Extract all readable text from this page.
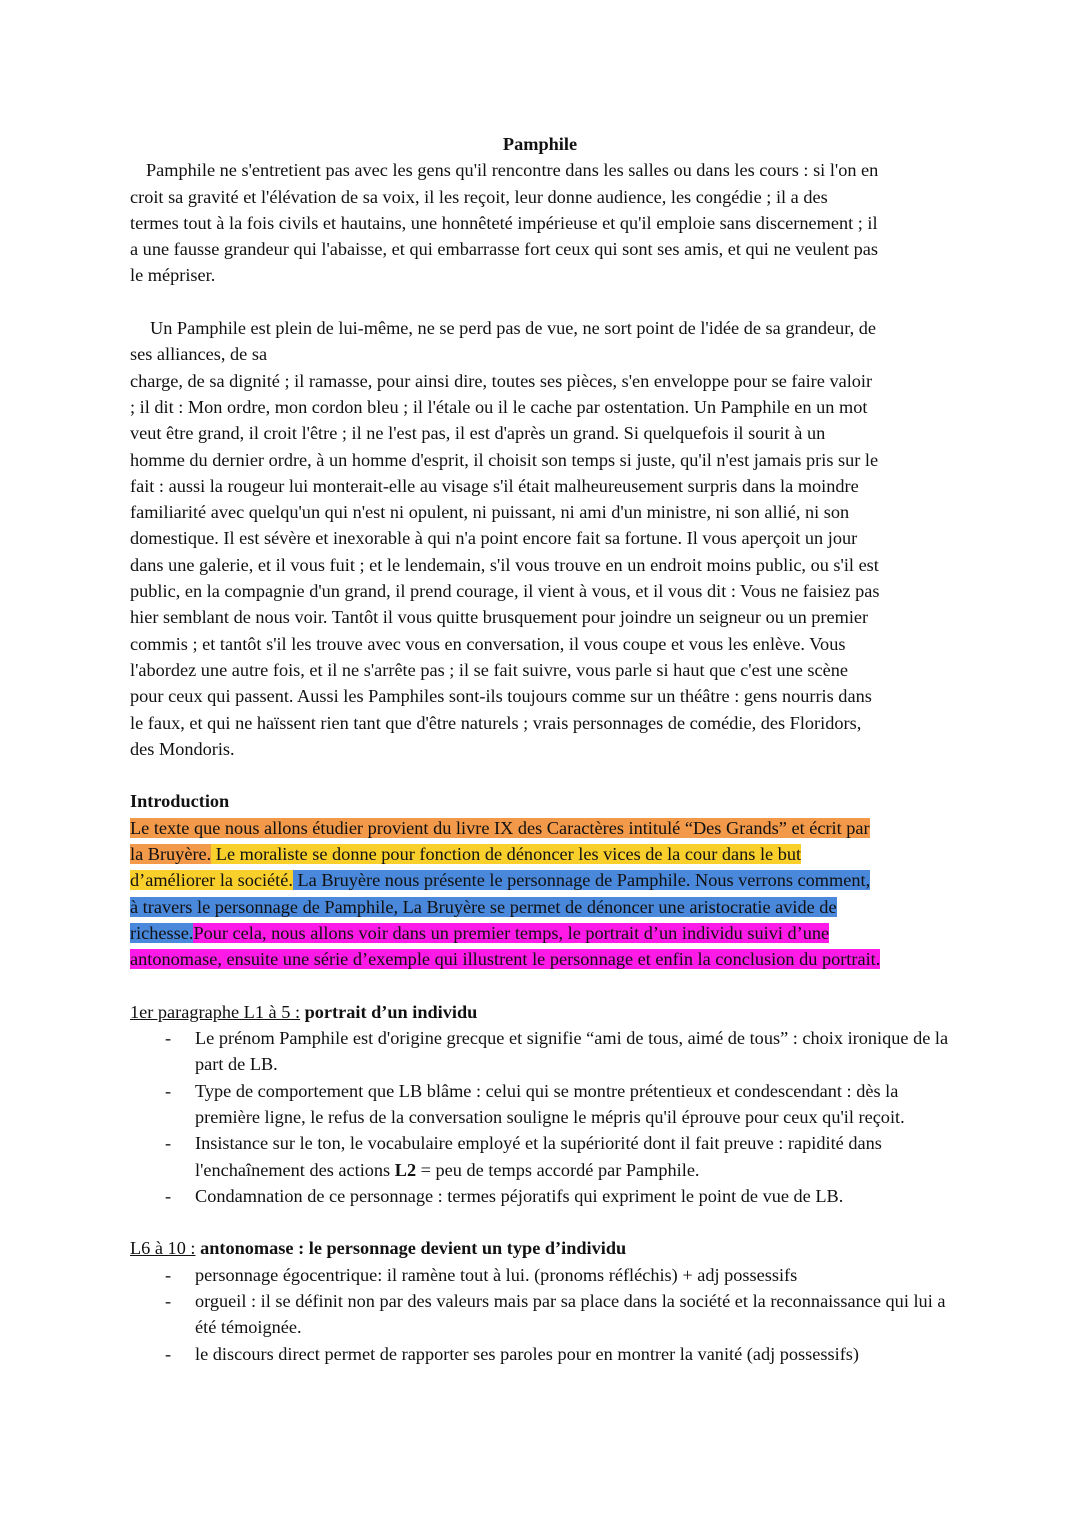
Pamphile

Pamphile ne s'entretient pas avec les gens qu'il rencontre dans les salles ou dans les cours : si l'on en

croit sa gravité et l'élévation de sa voix, il les reçoit, leur donne audience, les congédie ; il a des

termes tout à la fois civils et hautains, une honnêteté impérieuse et qu'il emploie sans discernement ; il

a une fausse grandeur qui l'abaisse, et qui embarrasse fort ceux qui sont ses amis, et qui ne veulent pas

le mépriser.

Un Pamphile est plein de lui-même, ne se perd pas de vue, ne sort point de l'idée de sa grandeur, de

ses alliances, de sa

charge, de sa dignité ; il ramasse, pour ainsi dire, toutes ses pièces, s'en enveloppe pour se faire valoir

; il dit : Mon ordre, mon cordon bleu ; il l'étale ou il le cache par ostentation. Un Pamphile en un mot

veut être grand, il croit l'être ; il ne l'est pas, il est d'après un grand. Si quelquefois il sourit à un

homme du dernier ordre, à un homme d'esprit, il choisit son temps si juste, qu'il n'est jamais pris sur le

fait : aussi la rougeur lui monterait-elle au visage s'il était malheureusement surpris dans la moindre

familiarité avec quelqu'un qui n'est ni opulent, ni puissant, ni ami d'un ministre, ni son allié, ni son

domestique. Il est sévère et inexorable à qui n'a point encore fait sa fortune. Il vous aperçoit un jour

dans une galerie, et il vous fuit ; et le lendemain, s'il vous trouve en un endroit moins public, ou s'il est

public, en la compagnie d'un grand, il prend courage, il vient à vous, et il vous dit : Vous ne faisiez pas

hier semblant de nous voir. Tantôt il vous quitte brusquement pour joindre un seigneur ou un premier

commis ; et tantôt s'il les trouve avec vous en conversation, il vous coupe et vous les enlève. Vous

l'abordez une autre fois, et il ne s'arrête pas ; il se fait suivre, vous parle si haut que c'est une scène

pour ceux qui passent. Aussi les Pamphiles sont-ils toujours comme sur un théâtre : gens nourris dans

le faux, et qui ne haïssent rien tant que d'être naturels ; vrais personnages de comédie, des Floridors,

des Mondoris.

Introduction

Le texte que nous allons étudier provient du livre IX des Caractères intitulé “Des Grands” et écrit par

la Bruyère. Le moraliste se donne pour fonction de dénoncer les vices de la cour dans le but

d’améliorer la société. La Bruyère nous présente le personnage de Pamphile. Nous verrons comment,

à travers le personnage de Pamphile, La Bruyère se permet de dénoncer une aristocratie avide de

richesse.Pour cela, nous allons voir dans un premier temps, le portrait d’un individu suivi d’une

antonomase, ensuite une série d’exemple qui illustrent le personnage et enfin la conclusion du portrait.

1er paragraphe L1 à 5 : portrait d’un individu

- Le prénom Pamphile est d'origine grecque et signifie “ami de tous, aimé de tous” : choix ironique de la part de LB.
- Type de comportement que LB blâme : celui qui se montre prétentieux et condescendant : dès la première ligne, le refus de la conversation souligne le mépris qu'il éprouve pour ceux qu'il reçoit.
- Insistance sur le ton, le vocabulaire employé et la supériorité dont il fait preuve : rapidité dans l'enchaînement des actions L2 = peu de temps accordé par Pamphile.
- Condamnation de ce personnage : termes péjoratifs qui expriment le point de vue de LB.

L6 à 10 : antonomase : le personnage devient un type d’individu

- personnage égocentrique: il ramène tout à lui. (pronoms réfléchis) + adj possessifs
- orgueil : il se définit non par des valeurs mais par sa place dans la société et la reconnaissance qui lui a été témoignée.
- le discours direct permet de rapporter ses paroles pour en montrer la vanité (adj possessifs)
